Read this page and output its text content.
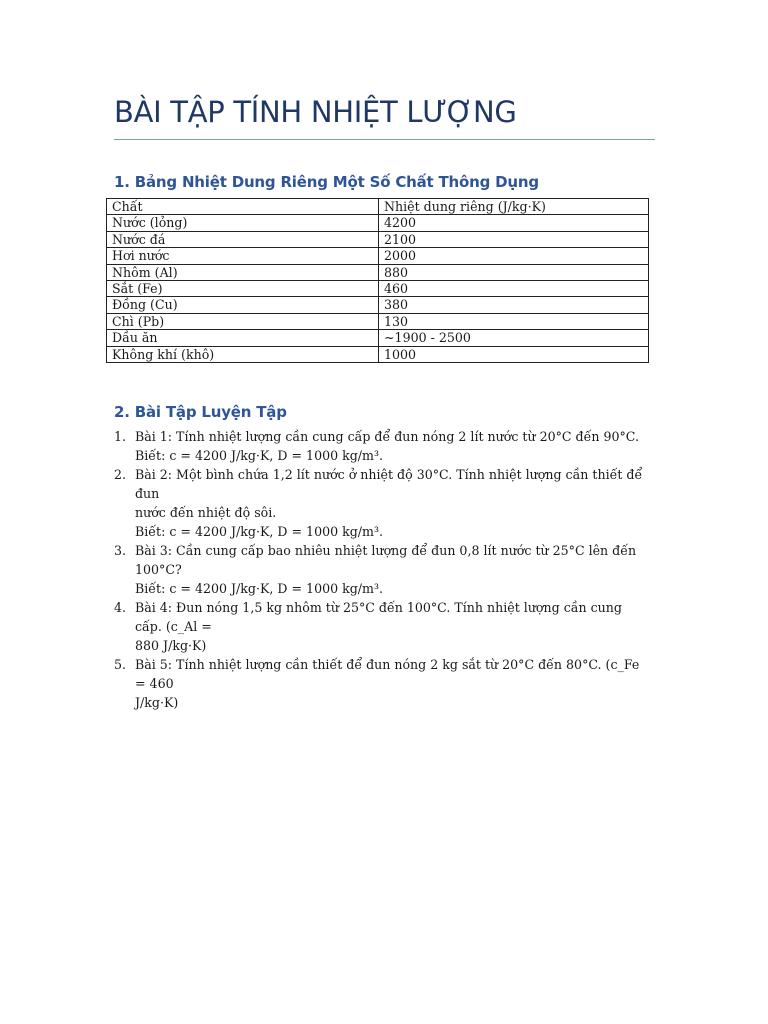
BÀI TẬP TÍNH NHIỆT LƯỢNG
1. Bảng Nhiệt Dung Riêng Một Số Chất Thông Dụng
Chất	Nhiệt dung riêng (J/kg·K)
Nước (lỏng)	4200
Nước đá	2100
Hơi nước	2000
Nhôm (Al)	880
Sắt (Fe)	460
Đồng (Cu)	380
Chì (Pb)	130
Dầu ăn	~1900 - 2500
Không khí (khô)	1000
2. Bài Tập Luyện Tập
1. Bài 1: Tính nhiệt lượng cần cung cấp để đun nóng 2 lít nước từ 20°C đến 90°C.
Biết: c = 4200 J/kg·K, D = 1000 kg/m³.
2. Bài 2: Một bình chứa 1,2 lít nước ở nhiệt độ 30°C. Tính nhiệt lượng cần thiết để đun
nước đến nhiệt độ sôi.
Biết: c = 4200 J/kg·K, D = 1000 kg/m³.
3. Bài 3: Cần cung cấp bao nhiêu nhiệt lượng để đun 0,8 lít nước từ 25°C lên đến 100°C?
Biết: c = 4200 J/kg·K, D = 1000 kg/m³.
4. Bài 4: Đun nóng 1,5 kg nhôm từ 25°C đến 100°C. Tính nhiệt lượng cần cung cấp. (c_Al =
880 J/kg·K)
5. Bài 5: Tính nhiệt lượng cần thiết để đun nóng 2 kg sắt từ 20°C đến 80°C. (c_Fe = 460
J/kg·K)
